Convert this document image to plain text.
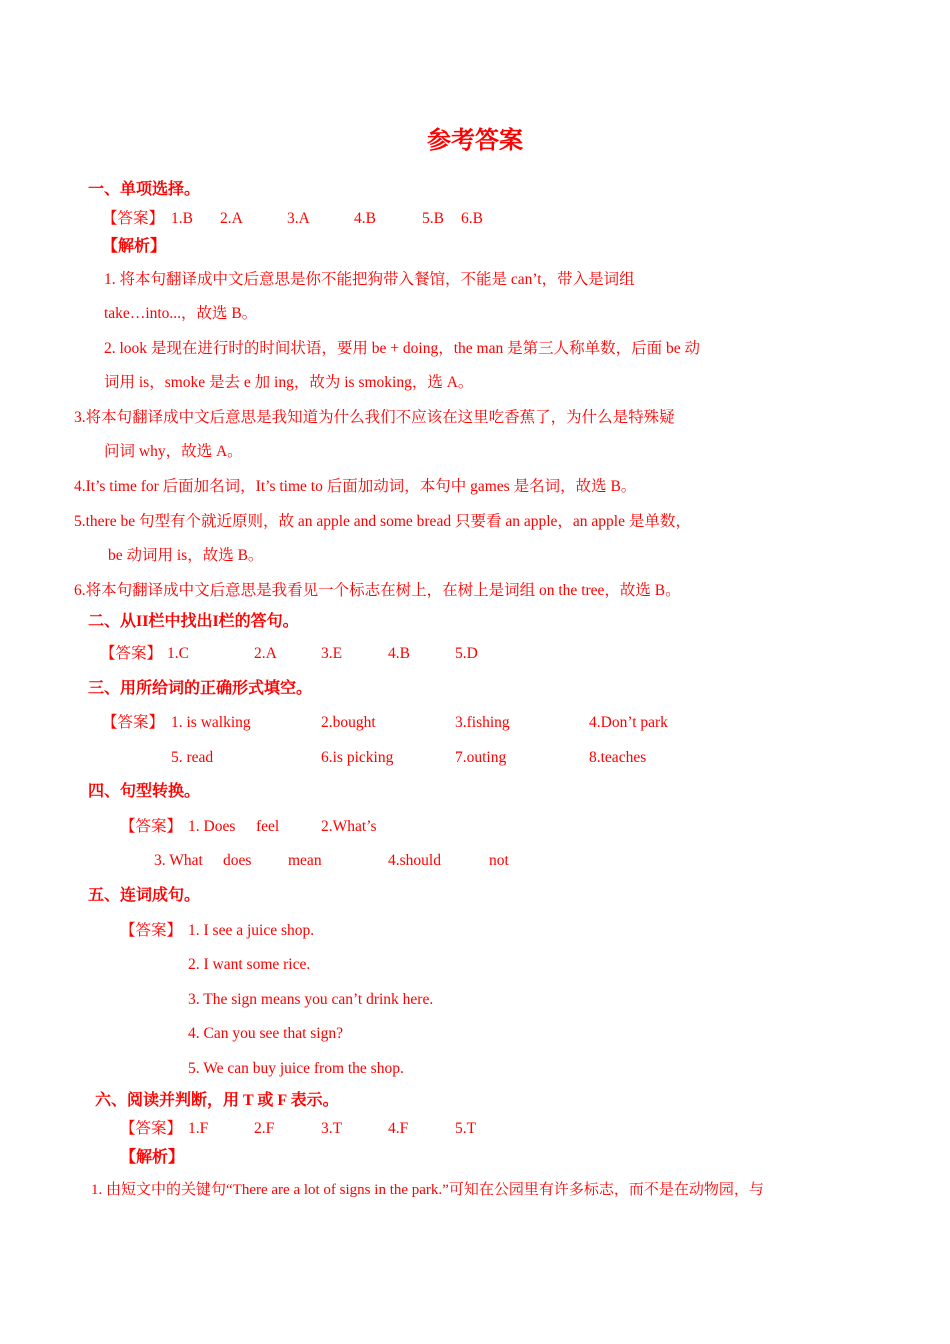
参考答案
一、单项选择。
【答案】 1.B 2.A	3.A	4.B	5.B 6.B
【解析】
1. 将本句翻译成中文后意思是你不能把狗带入餐馆，不能是 can’t，带入是词组
take…into...，故选 B。
2. look 是现在进行时的时间状语，要用 be + doing，the man 是第三人称单数，后面 be 动
词用 is，smoke 是去 e 加 ing，故为 is smoking，选 A。
3.将本句翻译成中文后意思是我知道为什么我们不应该在这里吃香蕉了，为什么是特殊疑
问词 why，故选 A。
4.It’s time for 后面加名词，It’s time to 后面加动词，本句中 games 是名词，故选 B。
5.there be 句型有个就近原则，故 an apple and some bread 只要看 an apple，an apple 是单数，
be 动词用 is，故选 B。
6.将本句翻译成中文后意思是我看见一个标志在树上，在树上是词组 on the tree，故选 B。
二、从II栏中找出I栏的答句。
【答案】 1.C	2.A	3.E	4.B	5.D
三、用所给词的正确形式填空。
【答案】 1. is walking	2.bought	3.fishing	4.Don’t park
5. read	6.is picking	7.outing	8.teaches
四、句型转换。
【答案】 1. Does feel	2.What’s
3. What does mean	4.should	not
五、连词成句。
【答案】 1. I see a juice shop.
2. I want some rice.
3. The sign means you can’t drink here.
4. Can you see that sign?
5. We can buy juice from the shop.
六、阅读并判断，用 T 或 F 表示。
【答案】 1.F	2.F	3.T	4.F	5.T
【解析】
1. 由短文中的关键句“There are a lot of signs in the park.”可知在公园里有许多标志，而不是在动物园，与
